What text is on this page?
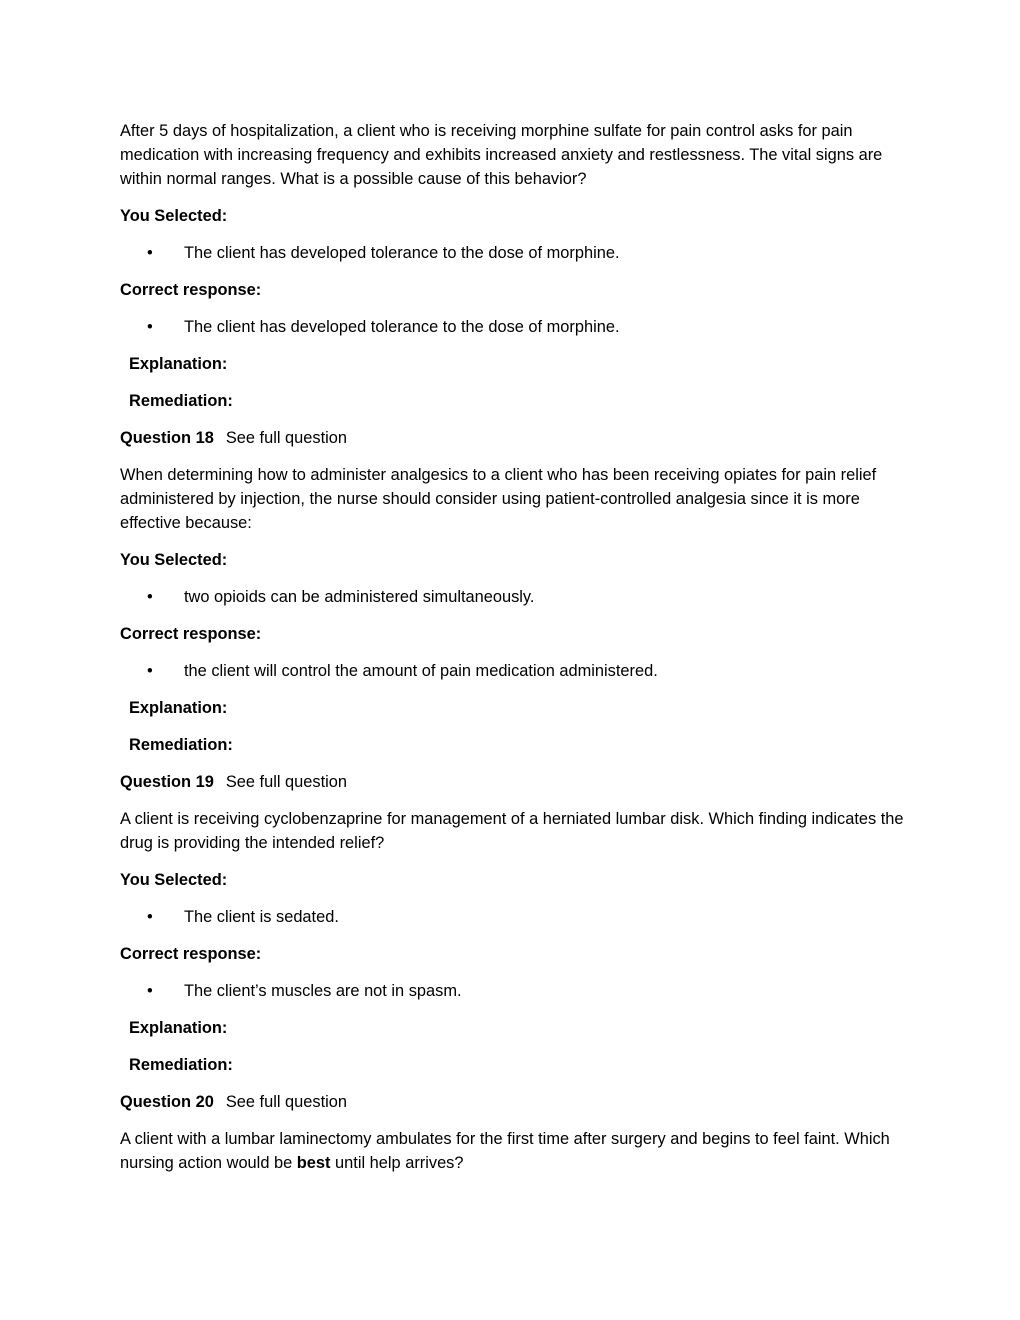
After 5 days of hospitalization, a client who is receiving morphine sulfate for pain control asks for pain medication with increasing frequency and exhibits increased anxiety and restlessness. The vital signs are within normal ranges. What is a possible cause of this behavior?

You Selected:
•	The client has developed tolerance to the dose of morphine.
Correct response:
•	The client has developed tolerance to the dose of morphine.
Explanation:
Remediation:
Question 18 See full question

When determining how to administer analgesics to a client who has been receiving opiates for pain relief administered by injection, the nurse should consider using patient-controlled analgesia since it is more effective because:

You Selected:
•	two opioids can be administered simultaneously.
Correct response:
•	the client will control the amount of pain medication administered.
Explanation:
Remediation:
Question 19 See full question

A client is receiving cyclobenzaprine for management of a herniated lumbar disk. Which finding indicates the drug is providing the intended relief?

You Selected:
•	The client is sedated.
Correct response:
•	The client’s muscles are not in spasm.
Explanation:
Remediation:
Question 20 See full question

A client with a lumbar laminectomy ambulates for the first time after surgery and begins to feel faint. Which nursing action would be best until help arrives?
